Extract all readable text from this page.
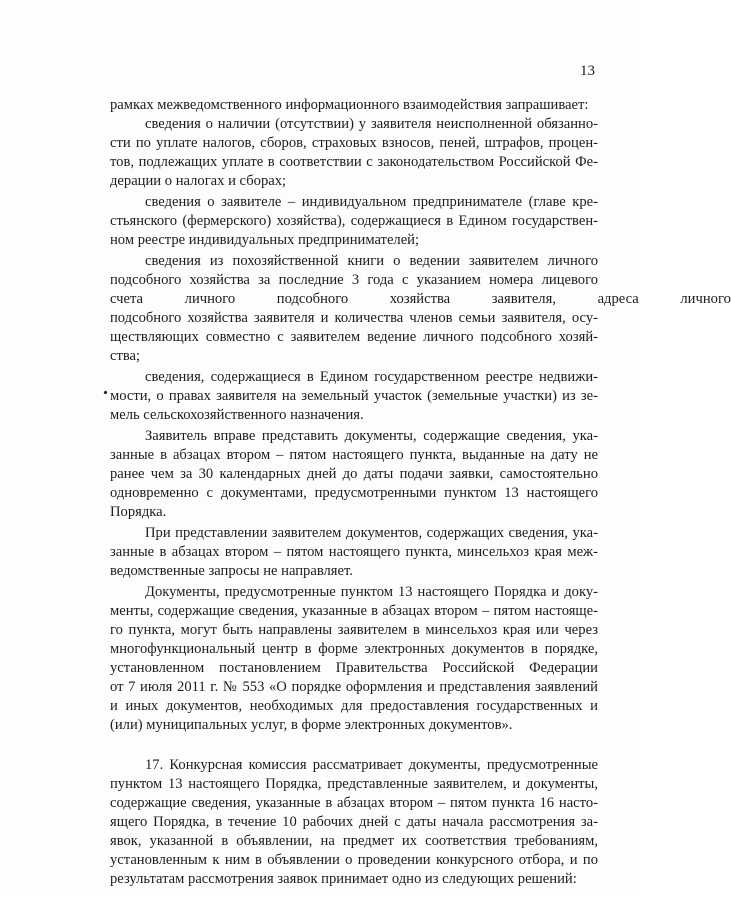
13
рамках межведомственного информационного взаимодействия запрашивает:
сведения о наличии (отсутствии) у заявителя неисполненной обязанно-
сти по уплате налогов, сборов, страховых взносов, пеней, штрафов, процен-
тов, подлежащих уплате в соответствии с законодательством Российской Фе-
дерации о налогах и сборах;
сведения о заявителе – индивидуальном предпринимателе (главе кре-
стьянского (фермерского) хозяйства), содержащиеся в Едином государствен-
ном реестре индивидуальных предпринимателей;
сведения из похозяйственной книги о ведении заявителем личного
подсобного хозяйства за последние 3 года с указанием номера лицевого
счета личного подсобного хозяйства заявителя, адреса личного
подсобного хозяйства заявителя и количества членов семьи заявителя, осу-
ществляющих совместно с заявителем ведение личного подсобного хозяй-
ства;
сведения, содержащиеся в Едином государственном реестре недвижи-
мости, о правах заявителя на земельный участок (земельные участки) из зе-
мель сельскохозяйственного назначения.
Заявитель вправе представить документы, содержащие сведения, ука-
занные в абзацах втором – пятом настоящего пункта, выданные на дату не
ранее чем за 30 календарных дней до даты подачи заявки, самостоятельно
одновременно с документами, предусмотренными пунктом 13 настоящего
Порядка.
При представлении заявителем документов, содержащих сведения, ука-
занные в абзацах втором – пятом настоящего пункта, минсельхоз края меж-
ведомственные запросы не направляет.
Документы, предусмотренные пунктом 13 настоящего Порядка и доку-
менты, содержащие сведения, указанные в абзацах втором – пятом настояще-
го пункта, могут быть направлены заявителем в минсельхоз края или через
многофункциональный центр в форме электронных документов в порядке,
установленном постановлением Правительства Российской Федерации
от 7 июля 2011 г. № 553 «О порядке оформления и представления заявлений
и иных документов, необходимых для предоставления государственных и
(или) муниципальных услуг, в форме электронных документов».
17. Конкурсная комиссия рассматривает документы, предусмотренные
пунктом 13 настоящего Порядка, представленные заявителем, и документы,
содержащие сведения, указанные в абзацах втором – пятом пункта 16 насто-
ящего Порядка, в течение 10 рабочих дней с даты начала рассмотрения за-
явок, указанной в объявлении, на предмет их соответствия требованиям,
установленным к ним в объявлении о проведении конкурсного отбора, и по
результатам рассмотрения заявок принимает одно из следующих решений:
